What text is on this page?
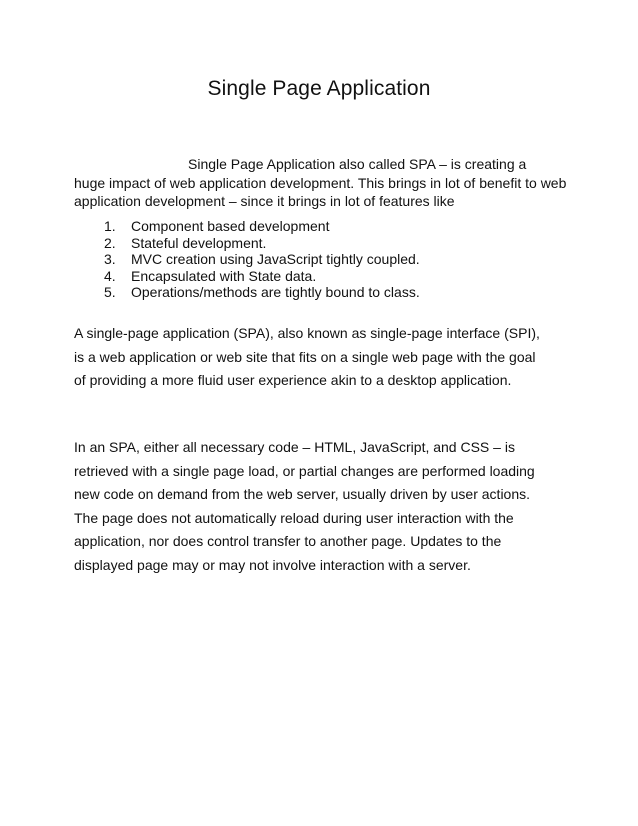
Single Page Application
Single Page Application also called SPA – is creating a
huge impact of web application development. This brings in lot of benefit to web application development – since it brings in lot of features like
1. Component based development
2. Stateful development.
3. MVC creation using JavaScript tightly coupled.
4. Encapsulated with State data.
5. Operations/methods are tightly bound to class.

A single-page application (SPA), also known as single-page interface (SPI), is a web application or web site that fits on a single web page with the goal of providing a more fluid user experience akin to a desktop application.

In an SPA, either all necessary code – HTML, JavaScript, and CSS – is retrieved with a single page load, or partial changes are performed loading new code on demand from the web server, usually driven by user actions. The page does not automatically reload during user interaction with the application, nor does control transfer to another page. Updates to the displayed page may or may not involve interaction with a server.
